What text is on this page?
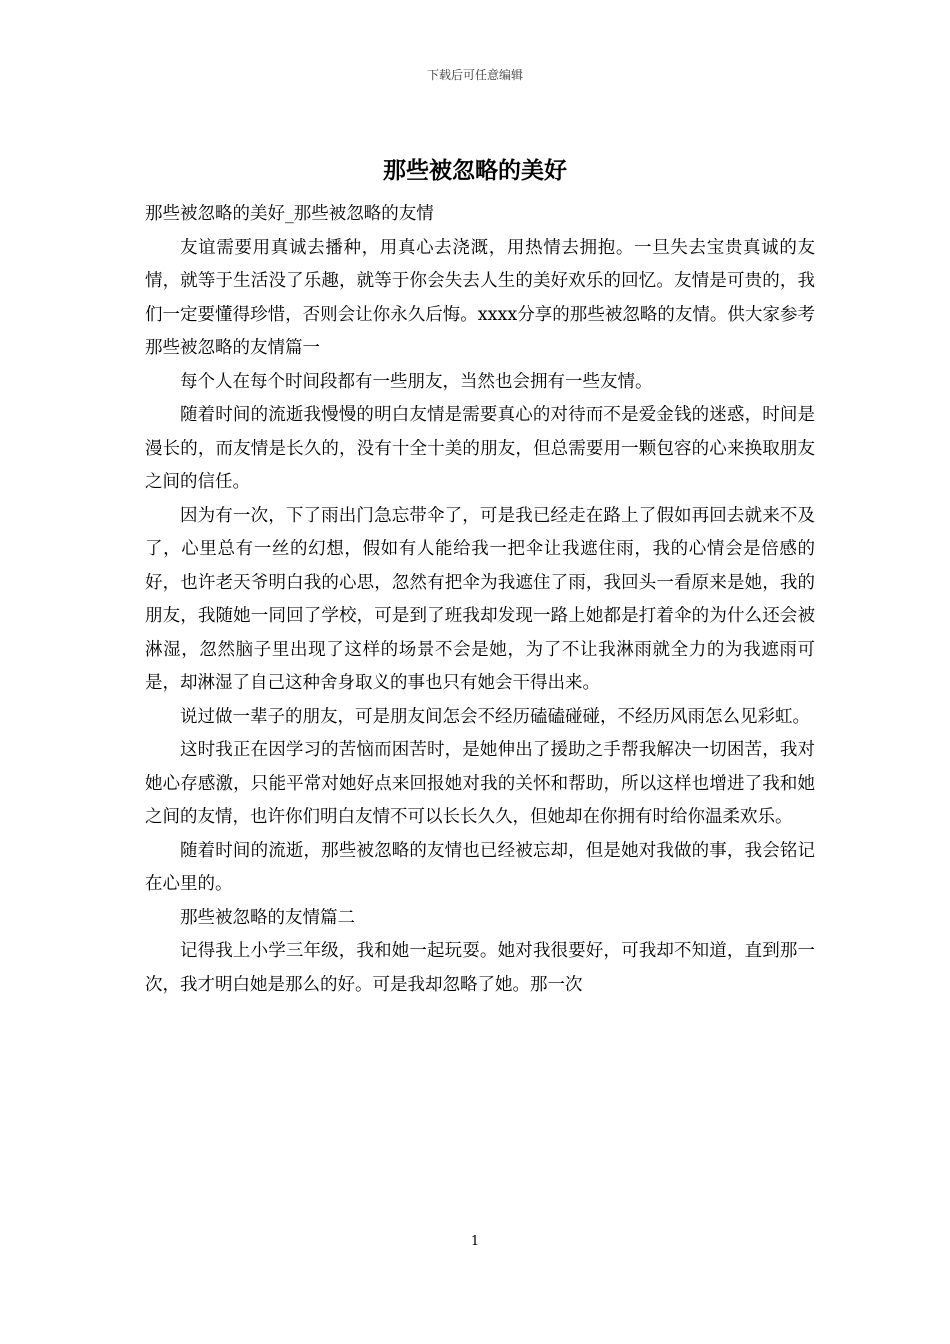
下载后可任意编辑
那些被忽略的美好

那些被忽略的美好_那些被忽略的友情

友谊需要用真诚去播种，用真心去浇溉，用热情去拥抱。一旦失去宝贵真诚的友情，就等于生活没了乐趣，就等于你会失去人生的美好欢乐的回忆。友情是可贵的，我们一定要懂得珍惜，否则会让你永久后悔。xxxx分享的那些被忽略的友情。供大家参考那些被忽略的友情篇一

每个人在每个时间段都有一些朋友，当然也会拥有一些友情。

随着时间的流逝我慢慢的明白友情是需要真心的对待而不是爱金钱的迷惑，时间是漫长的，而友情是长久的，没有十全十美的朋友，但总需要用一颗包容的心来换取朋友之间的信任。

因为有一次，下了雨出门急忘带伞了，可是我已经走在路上了假如再回去就来不及了，心里总有一丝的幻想，假如有人能给我一把伞让我遮住雨，我的心情会是倍感的好，也许老天爷明白我的心思，忽然有把伞为我遮住了雨，我回头一看原来是她，我的朋友，我随她一同回了学校，可是到了班我却发现一路上她都是打着伞的为什么还会被淋湿，忽然脑子里出现了这样的场景不会是她，为了不让我淋雨就全力的为我遮雨可是，却淋湿了自己这种舍身取义的事也只有她会干得出来。

说过做一辈子的朋友，可是朋友间怎会不经历磕磕碰碰，不经历风雨怎么见彩虹。

这时我正在因学习的苦恼而困苦时，是她伸出了援助之手帮我解决一切困苦，我对她心存感激，只能平常对她好点来回报她对我的关怀和帮助，所以这样也增进了我和她之间的友情，也许你们明白友情不可以长长久久，但她却在你拥有时给你温柔欢乐。

随着时间的流逝，那些被忽略的友情也已经被忘却，但是她对我做的事，我会铭记在心里的。

那些被忽略的友情篇二

记得我上小学三年级，我和她一起玩耍。她对我很要好，可我却不知道，直到那一次，我才明白她是那么的好。可是我却忽略了她。那一次

1
